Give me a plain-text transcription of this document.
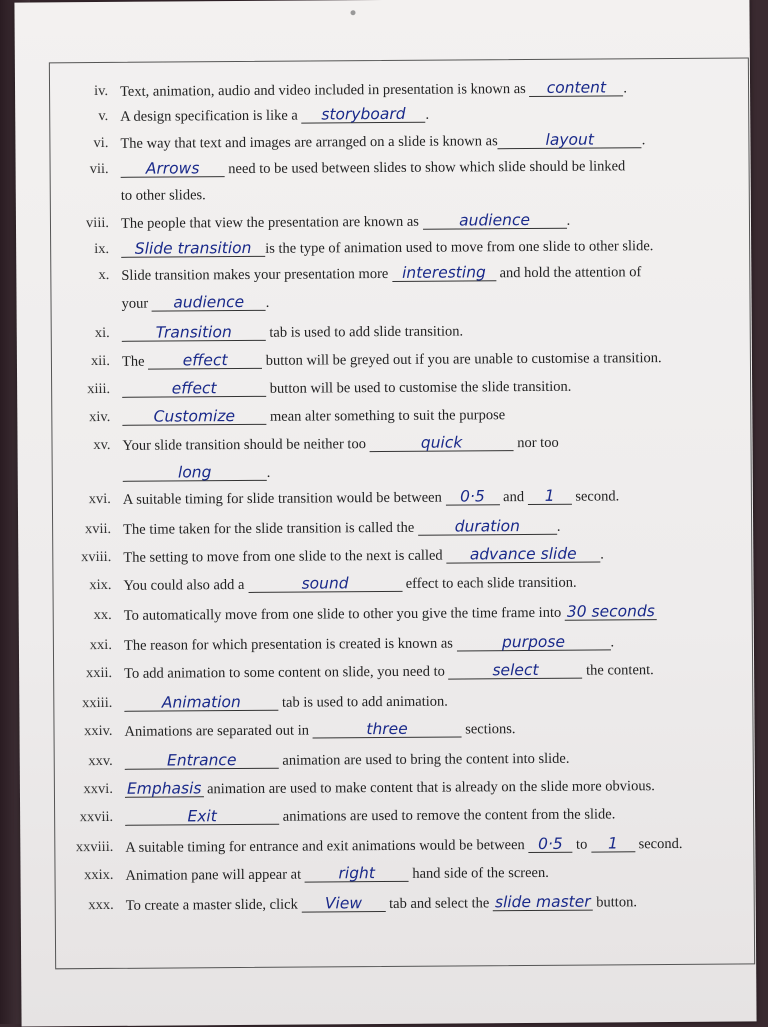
iv. Text, animation, audio and video included in presentation is known as content .
v. A design specification is like a storyboard .
vi. The way that text and images are arranged on a slide is known as	layout	.
vii.	Arrows need to be used between slides to show which slide should be linked
to other slides.
viii. The people that view the presentation are known as audience	.
ix.	Slide transition is the type of animation used to move from one slide to other slide.
x. Slide transition makes your presentation more interesting and hold the attention of
your audience .
xi.	Transition tab is used to add slide transition.
xii. The effect button will be greyed out if you are unable to customise a transition.
xiii.	effect	button will be used to customise the slide transition.
xiv.	Customize mean alter something to suit the purpose
xv. Your slide transition should be neither too	quick	nor too
long	.
xvi. A suitable timing for slide transition would be between 0·5 and 1 second.
xvii. The time taken for the slide transition is called the duration	.
xviii. The setting to move from one slide to the next is called advance slide .
xix. You could also add a	sound	effect to each slide transition.
xx. To automatically move from one slide to other you give the time frame into 30 seconds
xxi. The reason for which presentation is created is known as	purpose	.
xxii. To add animation to some content on slide, you need to	select	the content.
xxiii.	Animation	tab is used to add animation.
xxiv. Animations are separated out in	three	sections.
xxv.	Entrance	animation are used to bring the content into slide.
xxvi. Emphasis animation are used to make content that is already on the slide more obvious.
xxvii.	Exit	animations are used to remove the content from the slide.
xxviii. A suitable timing for entrance and exit animations would be between 0·5 to 1 second.
xxix. Animation pane will appear at right hand side of the screen.
xxx. To create a master slide, click View tab and select the slide master button.
